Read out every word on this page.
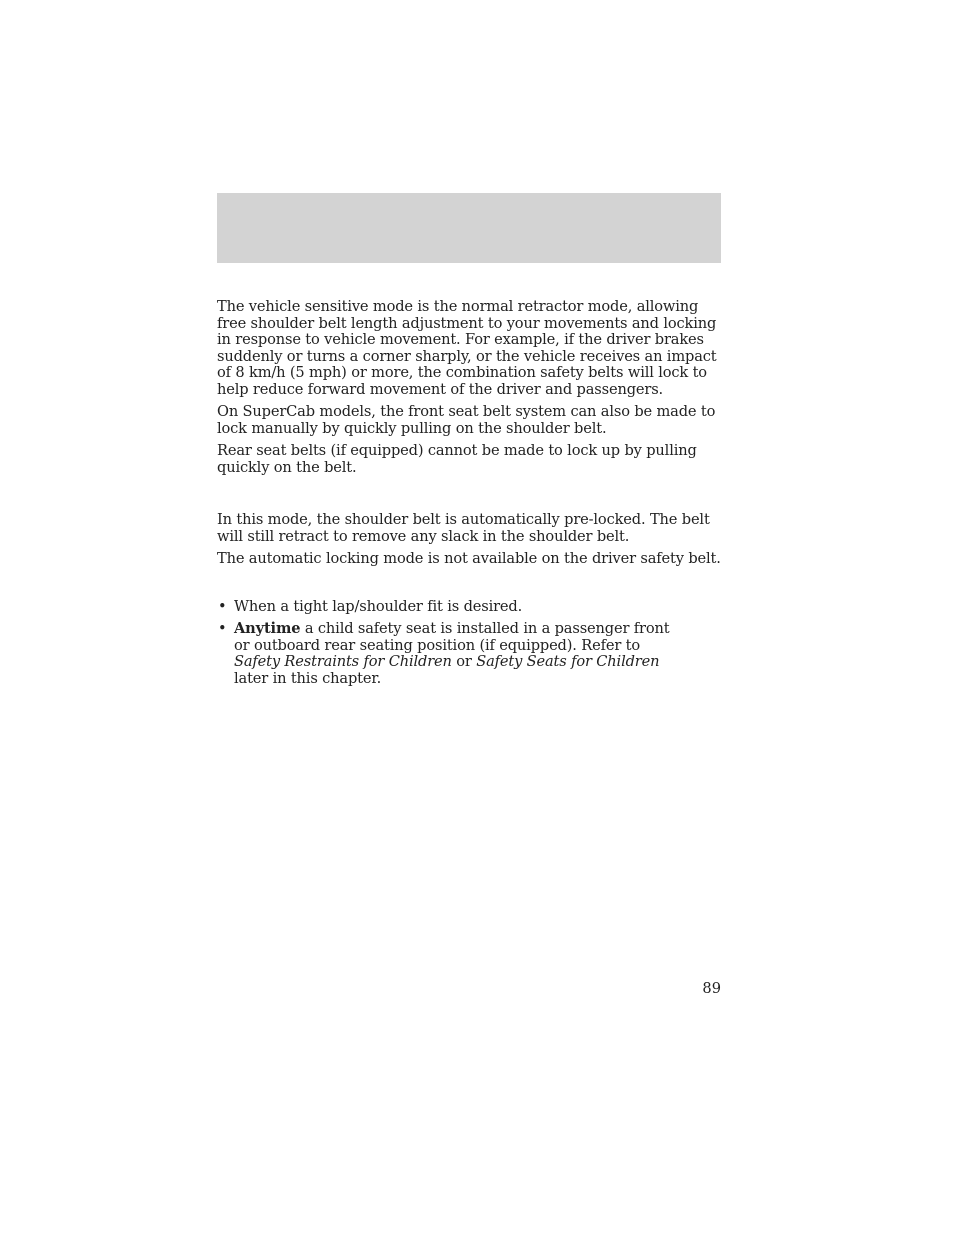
The vehicle sensitive mode is the normal retractor mode, allowing free shoulder belt length adjustment to your movements and locking in response to vehicle movement. For example, if the driver brakes suddenly or turns a corner sharply, or the vehicle receives an impact of 8 km/h (5 mph) or more, the combination safety belts will lock to help reduce forward movement of the driver and passengers.

On SuperCab models, the front seat belt system can also be made to lock manually by quickly pulling on the shoulder belt.

Rear seat belts (if equipped) cannot be made to lock up by pulling quickly on the belt.

In this mode, the shoulder belt is automatically pre-locked. The belt will still retract to remove any slack in the shoulder belt.

The automatic locking mode is not available on the driver safety belt.

• When a tight lap/shoulder fit is desired.
• Anytime a child safety seat is installed in a passenger front or outboard rear seating position (if equipped). Refer to Safety Restraints for Children or Safety Seats for Children later in this chapter.
89
